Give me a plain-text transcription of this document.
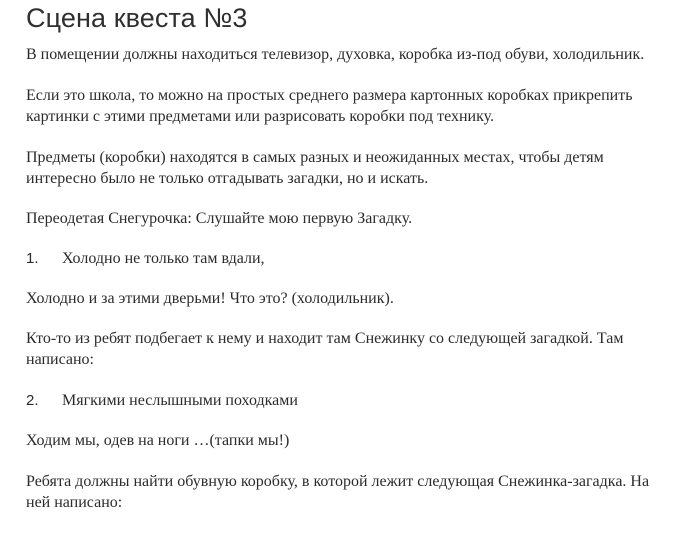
Сцена квеста №3

В помещении должны находиться телевизор, духовка, коробка из-под обуви, холодильник.

Если это школа, то можно на простых среднего размера картонных коробках прикрепить картинки с этими предметами или разрисовать коробки под технику.

Предметы (коробки) находятся в самых разных и неожиданных местах, чтобы детям интересно было не только отгадывать загадки, но и искать.

Переодетая Снегурочка: Слушайте мою первую Загадку.

1.	Холодно не только там вдали,

Холодно и за этими дверьми! Что это? (холодильник).

Кто-то из ребят подбегает к нему и находит там Снежинку со следующей загадкой. Там написано:

2.	Мягкими неслышными походками

Ходим мы, одев на ноги …(тапки мы!)

Ребята должны найти обувную коробку, в которой лежит следующая Снежинка-загадка. На ней написано:
